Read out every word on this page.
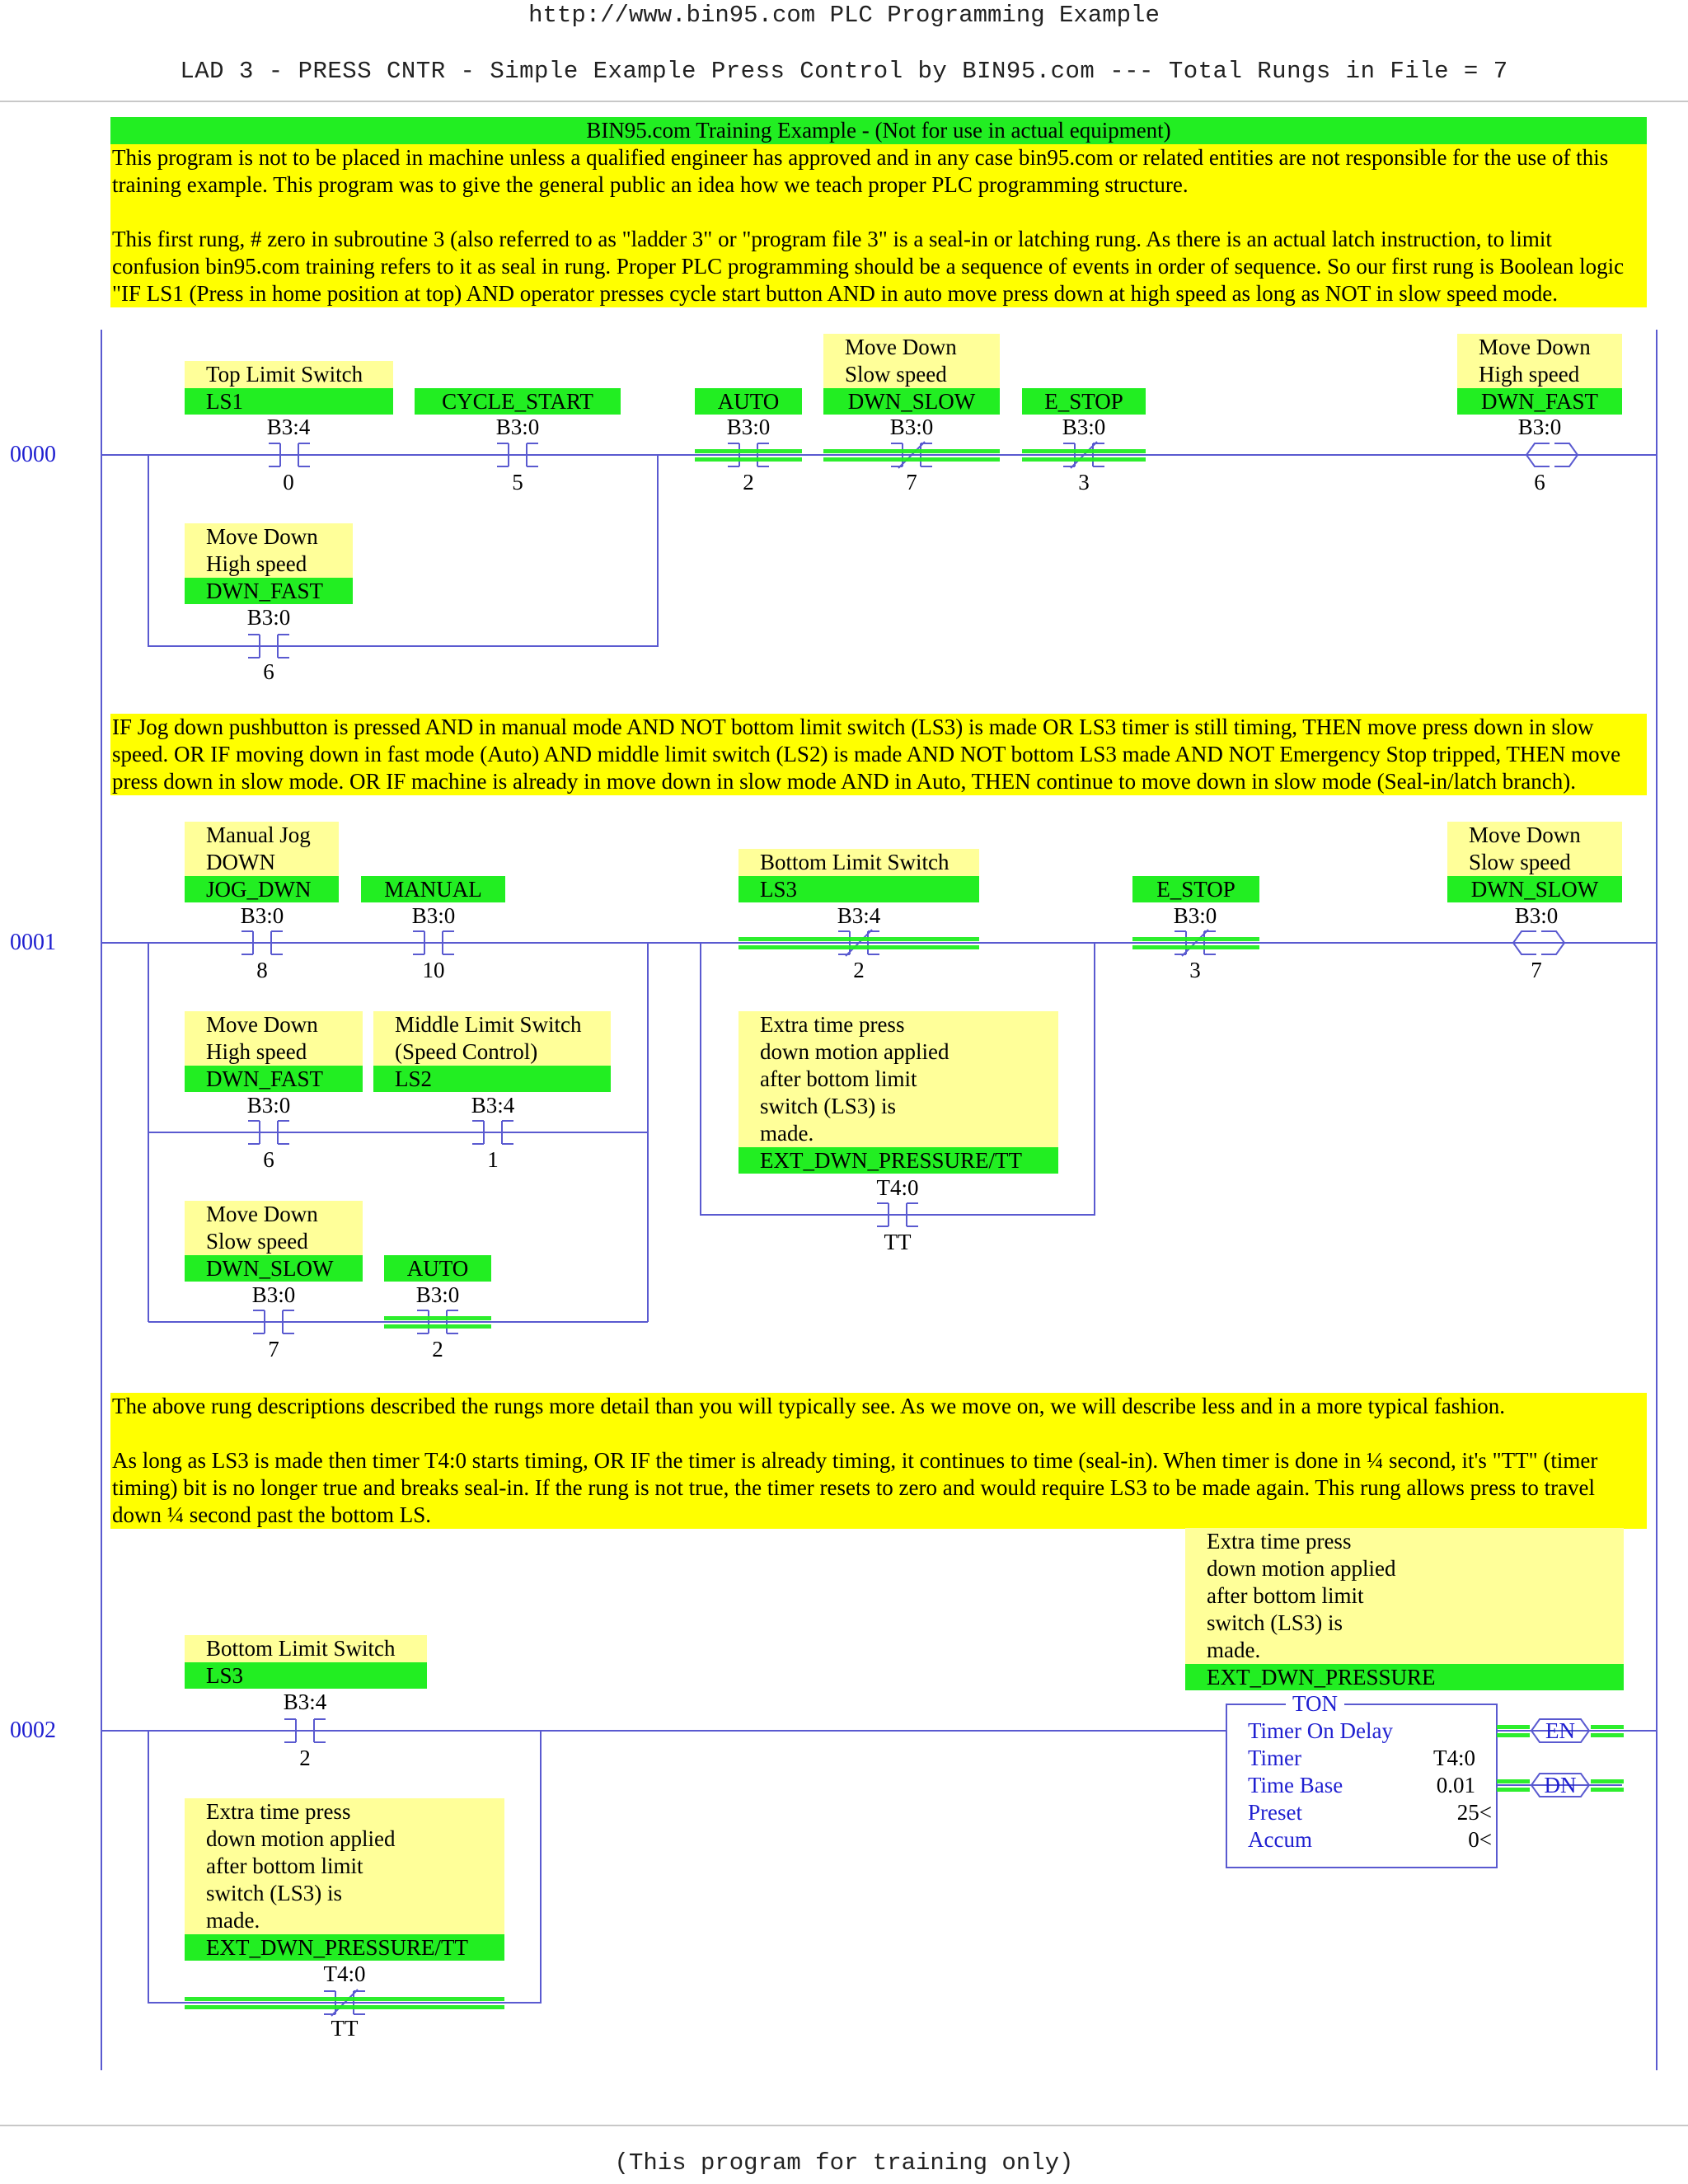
http://www.bin95.com PLC Programming Example
LAD 3 - PRESS CNTR - Simple Example Press Control by BIN95.com --- Total Rungs in File = 7
BIN95.com Training Example - (Not for use in actual equipment)

This program is not to be placed in machine unless a qualified engineer has approved and in any case bin95.com or related entities are not responsible for the use of this training example. This program was to give the general public an idea how we teach proper PLC programming structure.

This first rung, # zero in subroutine 3 (also referred to as "ladder 3" or "program file 3" is a seal-in or latching rung. As there is an actual latch instruction, to limit confusion bin95.com training refers to it as seal in rung. Proper PLC programming should be a sequence of events in order of sequence. So our first rung is Boolean logic "IF LS1 (Press in home position at top) AND operator presses cycle start button AND in auto move press down at high speed as long as NOT in slow speed mode.

IF Jog down pushbutton is pressed AND in manual mode AND NOT bottom limit switch (LS3) is made OR LS3 timer is still timing, THEN move press down in slow speed. OR IF moving down in fast mode (Auto) AND middle limit switch (LS2) is made AND NOT bottom LS3 made AND NOT Emergency Stop tripped, THEN move press down in slow mode. OR IF machine is already in move down in slow mode AND in Auto, THEN continue to move down in slow mode (Seal-in/latch branch).

The above rung descriptions described the rungs more detail than you will typically see. As we move on, we will describe less and in a more typical fashion.

As long as LS3 is made then timer T4:0 starts timing, OR IF the timer is already timing, it continues to time (seal-in). When timer is done in ¼ second, it's "TT" (timer timing) bit is no longer true and breaks seal-in. If the rung is not true, the timer resets to zero and would require LS3 to be made again. This rung allows press to travel down ¼ second past the bottom LS.

0000
0001
0002
Top Limit Switch
LS1
B3:4
0
CYCLE_START
B3:0
5
AUTO
B3:0
2
Move Down
Slow speed
DWN_SLOW
B3:0
7
E_STOP
B3:0
3
Move Down
High speed
DWN_FAST
B3:0
6
Move Down
High speed
DWN_FAST
B3:0
6
Manual Jog
DOWN
JOG_DWN
B3:0
8
MANUAL
B3:0
10
Bottom Limit Switch
LS3
B3:4
2
E_STOP
B3:0
3
Move Down
Slow speed
DWN_SLOW
B3:0
7
Move Down
High speed
DWN_FAST
B3:0
6
Middle Limit Switch
(Speed Control)
LS2
B3:4
1
Extra time press
down motion applied
after bottom limit
switch (LS3) is
made.
EXT_DWN_PRESSURE/TT
T4:0
TT
Move Down
Slow speed
DWN_SLOW
B3:0
7
AUTO
B3:0
2
Bottom Limit Switch
LS3
B3:4
2
Extra time press
down motion applied
after bottom limit
switch (LS3) is
made.
EXT_DWN_PRESSURE/TT
T4:0
TT
Extra time press
down motion applied
after bottom limit
switch (LS3) is
made.
EXT_DWN_PRESSURE
TON
Timer On Delay
Timer	T4:0
Time Base	0.01
Preset	25<
Accum	0<
EN
DN
(This program for training only)
